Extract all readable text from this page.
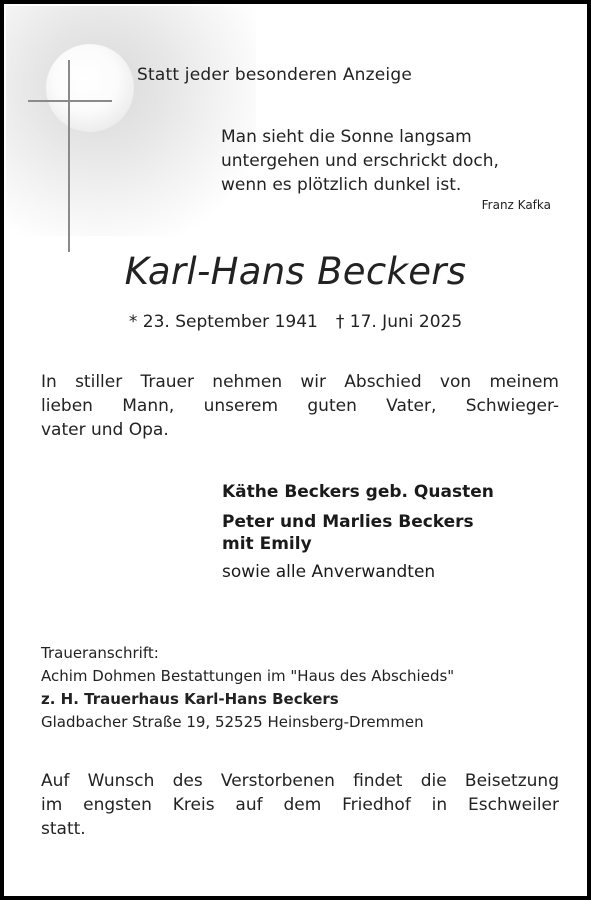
Statt jeder besonderen Anzeige
Man sieht die Sonne langsam
untergehen und erschrickt doch,
wenn es plötzlich dunkel ist.
Franz Kafka
Karl-Hans Beckers
* 23. September 1941 † 17. Juni 2025
In stiller Trauer nehmen wir Abschied von meinem
lieben Mann, unserem guten Vater, Schwieger-
vater und Opa.
Käthe Beckers geb. Quasten
Peter und Marlies Beckers
mit Emily
sowie alle Anverwandten
Traueranschrift:
Achim Dohmen Bestattungen im "Haus des Abschieds"
z. H. Trauerhaus Karl-Hans Beckers
Gladbacher Straße 19, 52525 Heinsberg-Dremmen
Auf Wunsch des Verstorbenen findet die Beisetzung
im engsten Kreis auf dem Friedhof in Eschweiler
statt.
